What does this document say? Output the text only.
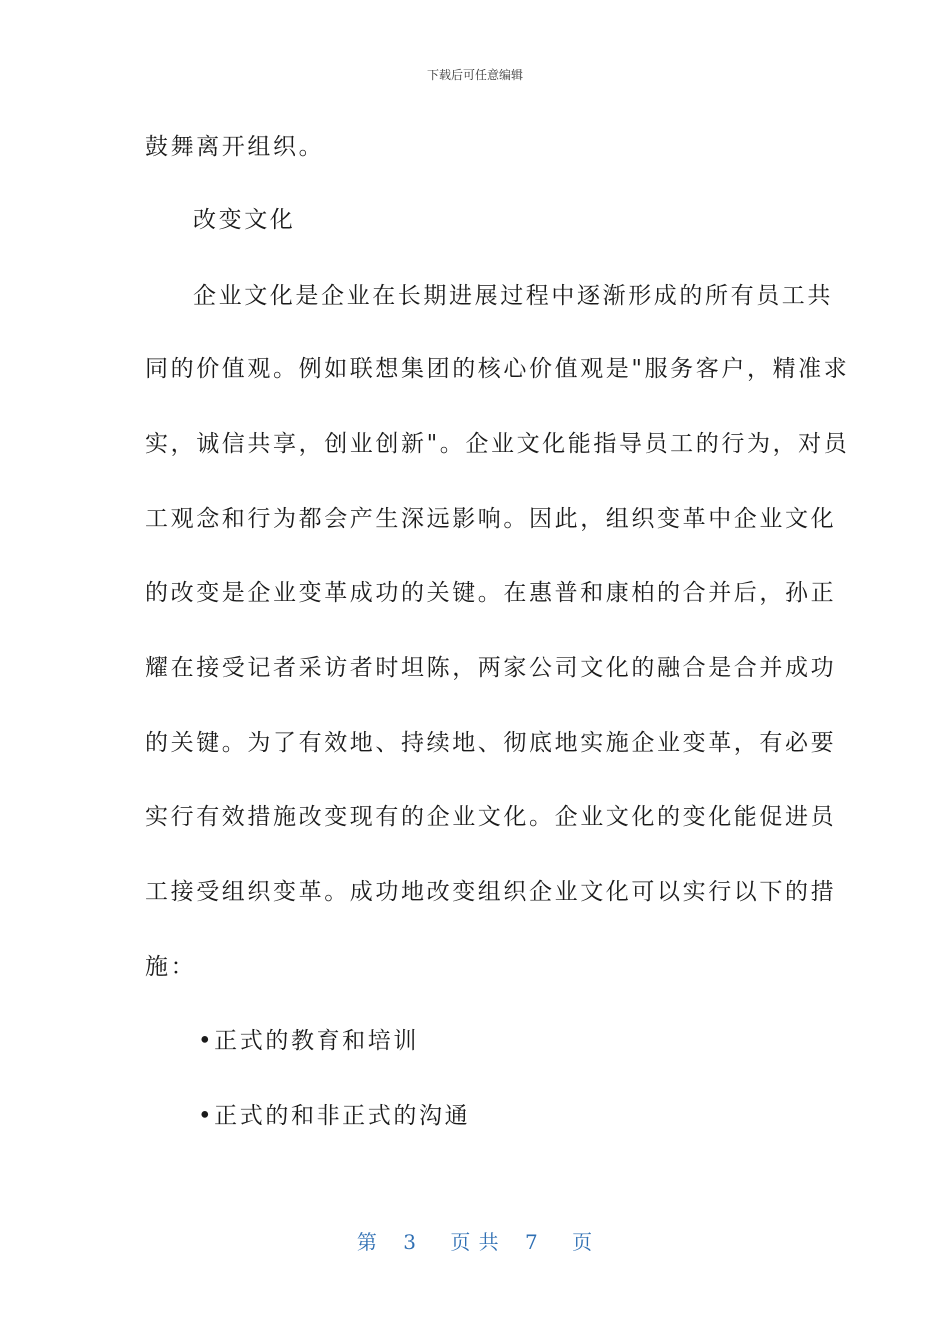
下载后可任意编辑
鼓舞离开组织。
改变文化
企业文化是企业在长期进展过程中逐渐形成的所有员工共
同的价值观。例如联想集团的核心价值观是"服务客户，精准求
实，诚信共享，创业创新"。企业文化能指导员工的行为，对员
工观念和行为都会产生深远影响。因此，组织变革中企业文化
的改变是企业变革成功的关键。在惠普和康柏的合并后，孙正
耀在接受记者采访者时坦陈，两家公司文化的融合是合并成功
的关键。为了有效地、持续地、彻底地实施企业变革，有必要
实行有效措施改变现有的企业文化。企业文化的变化能促进员
工接受组织变革。成功地改变组织企业文化可以实行以下的措
施：
•正式的教育和培训
•正式的和非正式的沟通
第 3 页 共 7 页
